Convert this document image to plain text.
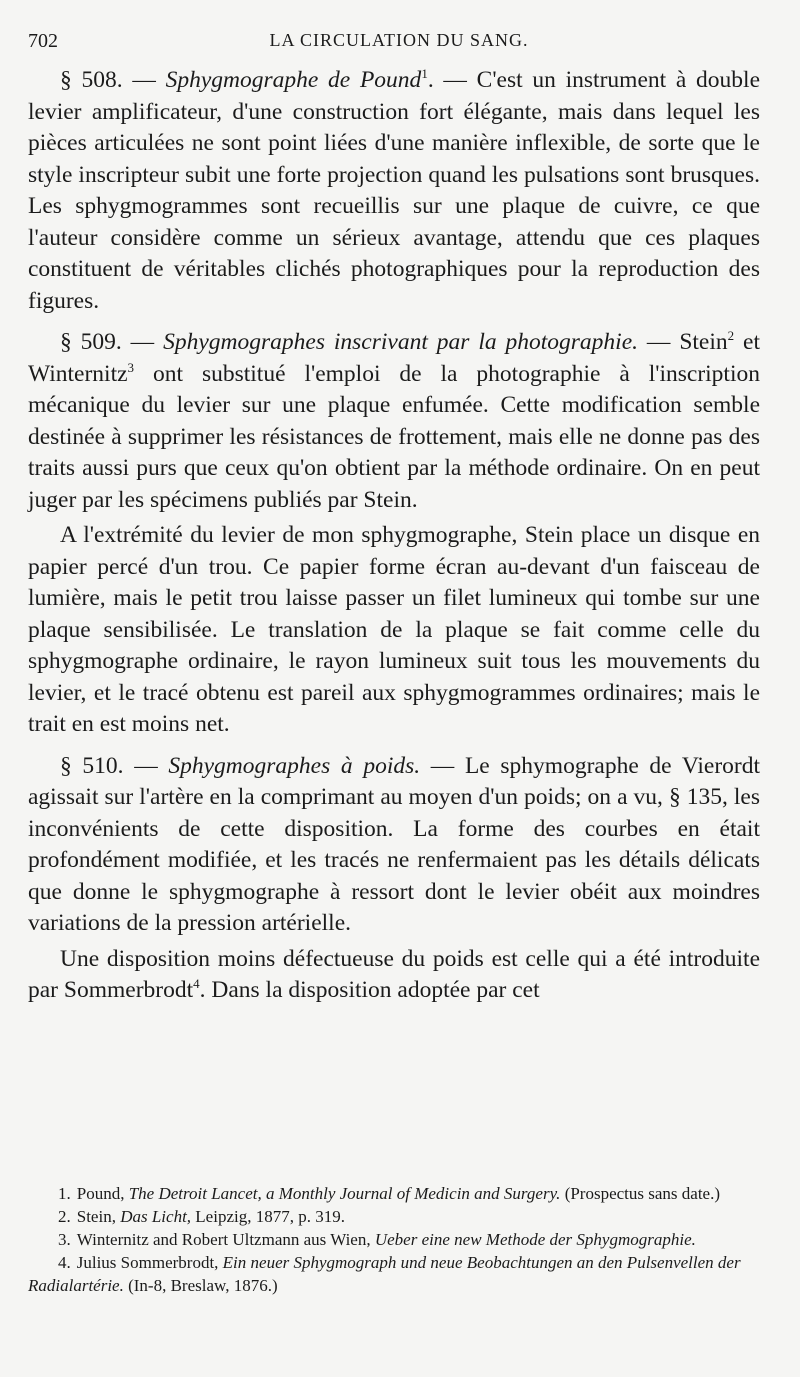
702	LA CIRCULATION DU SANG.

§ 508. — Sphygmographe de Pound$^1$. — C'est un instrument à double levier amplificateur, d'une construction fort élégante, mais dans lequel les pièces articulées ne sont point liées d'une manière inflexible, de sorte que le style inscripteur subit une forte projection quand les pulsations sont brusques. Les sphygmogrammes sont recueillis sur une plaque de cuivre, ce que l'auteur considère comme un sérieux avantage, attendu que ces plaques constituent de véritables clichés photographiques pour la reproduction des figures.

§ 509. — Sphygmographes inscrivant par la photographie. — Stein$^2$ et Winternitz$^3$ ont substitué l'emploi de la photographie à l'inscription mécanique du levier sur une plaque enfumée. Cette modification semble destinée à supprimer les résistances de frottement, mais elle ne donne pas des traits aussi purs que ceux qu'on obtient par la méthode ordinaire. On en peut juger par les spécimens publiés par Stein.

A l'extrémité du levier de mon sphygmographe, Stein place un disque en papier percé d'un trou. Ce papier forme écran au-devant d'un faisceau de lumière, mais le petit trou laisse passer un filet lumineux qui tombe sur une plaque sensibilisée. Le translation de la plaque se fait comme celle du sphygmographe ordinaire, le rayon lumineux suit tous les mouvements du levier, et le tracé obtenu est pareil aux sphygmogrammes ordinaires; mais le trait en est moins net.

§ 510. — Sphygmographes à poids. — Le sphymographe de Vierordt agissait sur l'artère en la comprimant au moyen d'un poids; on a vu, § 135, les inconvénients de cette disposition. La forme des courbes en était profondément modifiée, et les tracés ne renfermaient pas les détails délicats que donne le sphygmographe à ressort dont le levier obéit aux moindres variations de la pression artérielle.

Une disposition moins défectueuse du poids est celle qui a été introduite par Sommerbrodt$^4$. Dans la disposition adoptée par cet

1. Pound, The Detroit Lancet, a Monthly Journal of Medicin and Surgery. (Prospectus sans date.)

2. Stein, Das Licht, Leipzig, 1877, p. 319.

3. Winternitz and Robert Ultzmann aus Wien, Ueber eine new Methode der Sphygmographie.

4. Julius Sommerbrodt, Ein neuer Sphygmograph und neue Beobachtungen an den Pulsenvellen der Radialartérie. (In-8, Breslaw, 1876.)
